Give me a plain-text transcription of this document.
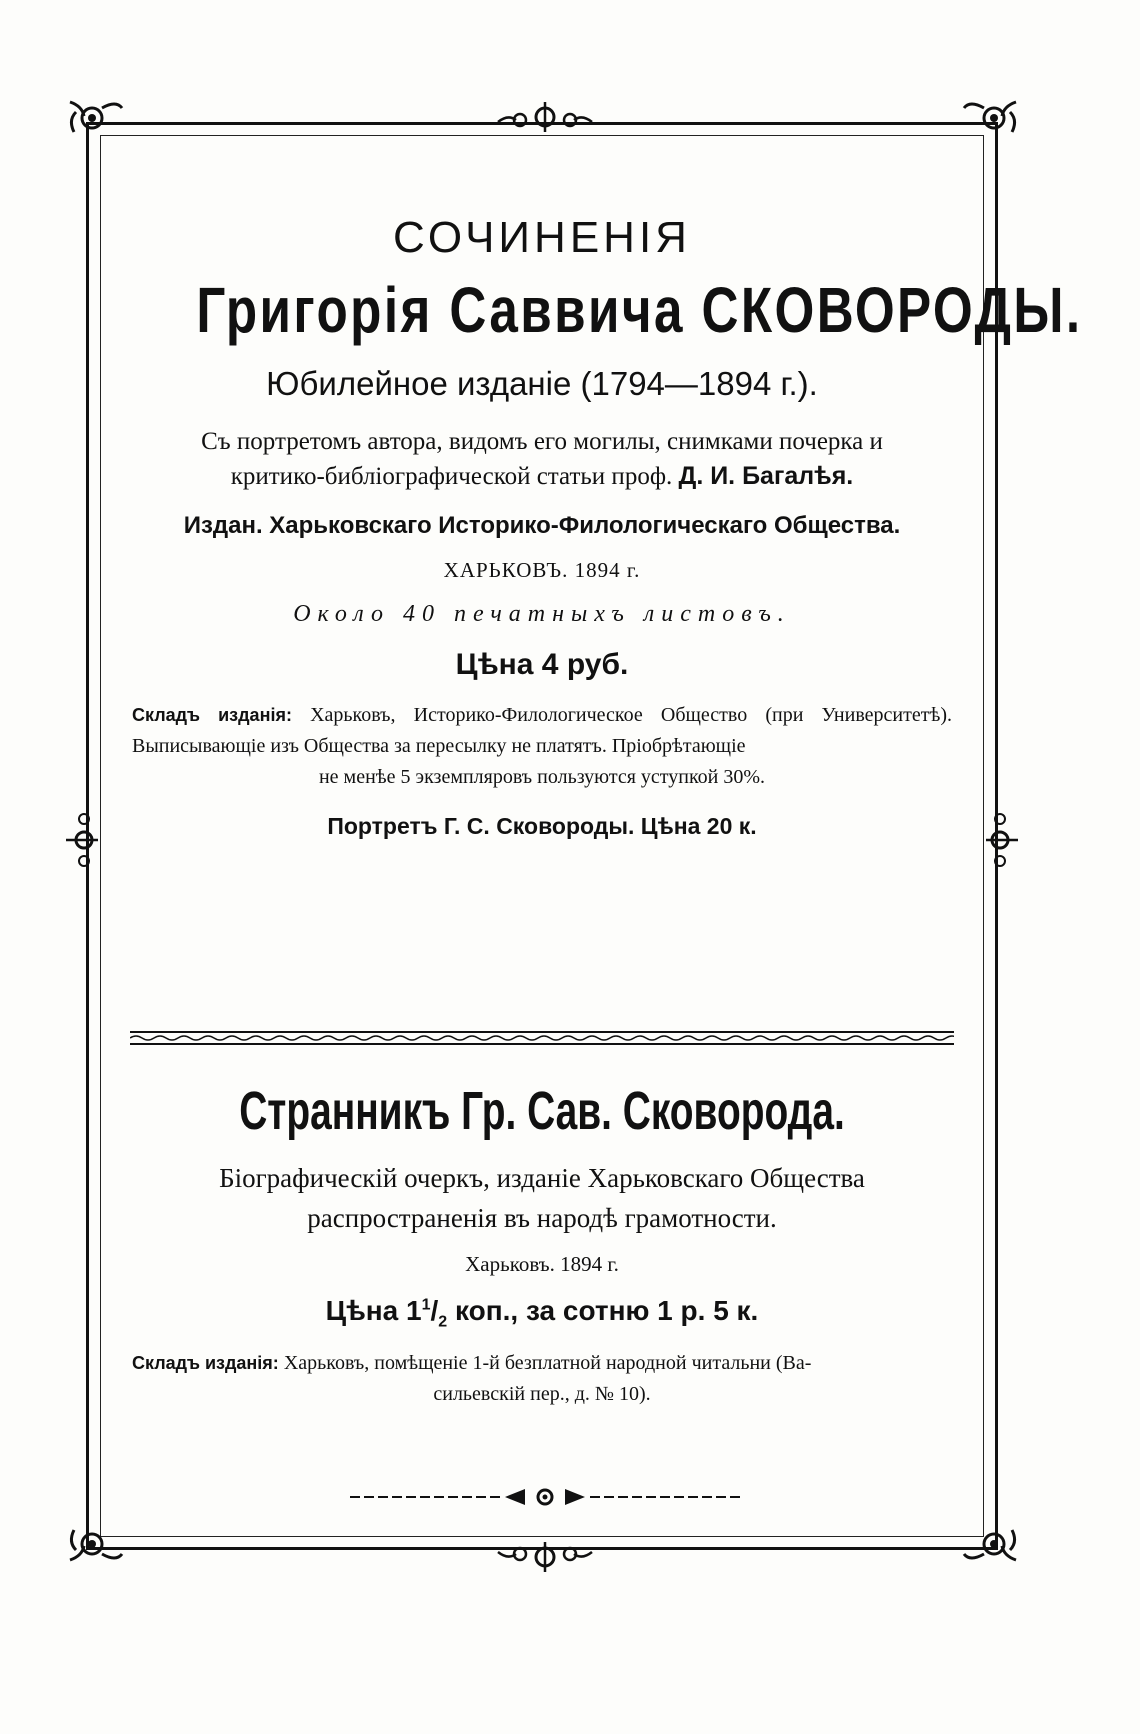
СОЧИНЕНІЯ
Григорія Саввича СКОВОРОДЫ.
Юбилейное изданіе (1794—1894 г.).
Съ портретомъ автора, видомъ его могилы, снимками почерка и
критико-библіографической статьи проф. Д. И. Багалѣя.
Издан. Харьковскаго Историко-Филологическаго Общества.
ХАРЬКОВЪ. 1894 г.
Около 40 печатныхъ листовъ.
Цѣна 4 руб.
Складъ изданія: Харьковъ, Историко-Филологическое Общество (при Университетѣ). Выписывающіе изъ Общества за пересылку не платятъ. Пріобрѣтающіе
не менѣе 5 экземпляровъ пользуются уступкой 30%.
Портретъ Г. С. Сковороды. Цѣна 20 к.
Странникъ Гр. Сав. Сковорода.
Біографическій очеркъ, изданіе Харьковскаго Общества
распространенія въ народѣ грамотности.
Харьковъ. 1894 г.
Цѣна $1^1/_2$ коп., за сотню 1 р. 5 к.
Складъ изданія: Харьковъ, помѣщеніе 1-й безплатной народной читальни (Ва-
сильевскій пер., д. № 10).
